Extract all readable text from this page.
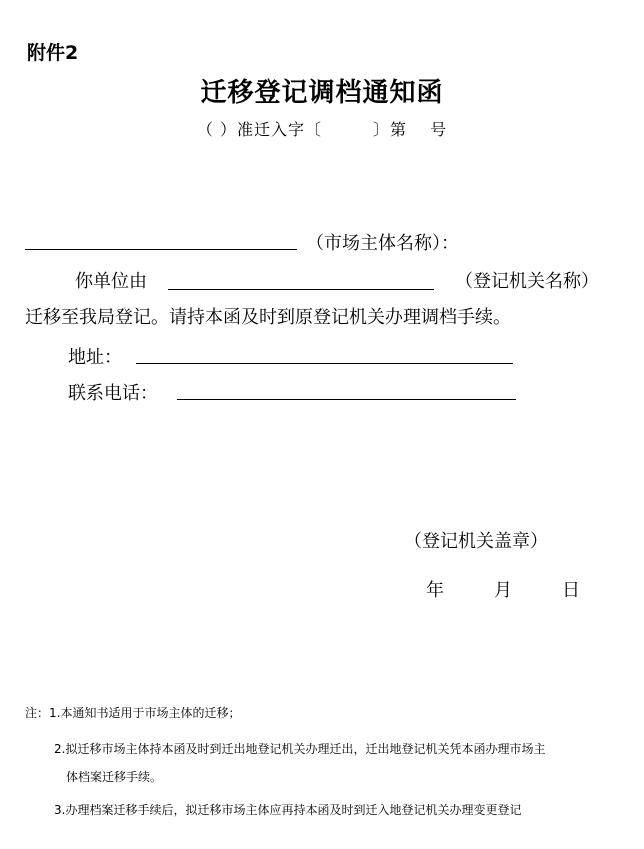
附件2
迁移登记调档通知函
（ ）准迁入字〔　　　〕第　 号
（市场主体名称）：
你单位由	（登记机关名称）
迁移至我局登记。请持本函及时到原登记机关办理调档手续。
地址：
联系电话：
（登记机关盖章）
年	月	日
注：1.本通知书适用于市场主体的迁移；
2.拟迁移市场主体持本函及时到迁出地登记机关办理迁出，迁出地登记机关凭本函办理市场主
体档案迁移手续。
3.办理档案迁移手续后，拟迁移市场主体应再持本函及时到迁入地登记机关办理变更登记
